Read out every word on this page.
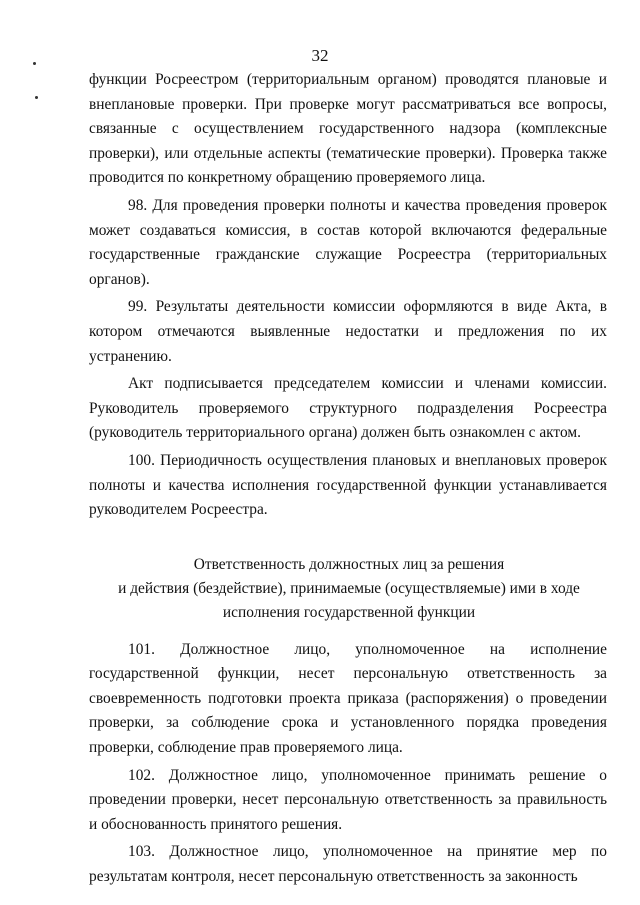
32

функции Росреестром (территориальным органом) проводятся плановые и внеплановые проверки. При проверке могут рассматриваться все вопросы, связанные с осуществлением государственного надзора (комплексные проверки), или отдельные аспекты (тематические проверки). Проверка также проводится по конкретному обращению проверяемого лица.

98. Для проведения проверки полноты и качества проведения проверок может создаваться комиссия, в состав которой включаются федеральные государственные гражданские служащие Росреестра (территориальных органов).

99. Результаты деятельности комиссии оформляются в виде Акта, в котором отмечаются выявленные недостатки и предложения по их устранению.

Акт подписывается председателем комиссии и членами комиссии. Руководитель проверяемого структурного подразделения Росреестра (руководитель территориального органа) должен быть ознакомлен с актом.

100. Периодичность осуществления плановых и внеплановых проверок полноты и качества исполнения государственной функции устанавливается руководителем Росреестра.

Ответственность должностных лиц за решения
и действия (бездействие), принимаемые (осуществляемые) ими в ходе
исполнения государственной функции

101. Должностное лицо, уполномоченное на исполнение государственной функции, несет персональную ответственность за своевременность подготовки проекта приказа (распоряжения) о проведении проверки, за соблюдение срока и установленного порядка проведения проверки, соблюдение прав проверяемого лица.

102. Должностное лицо, уполномоченное принимать решение о проведении проверки, несет персональную ответственность за правильность и обоснованность принятого решения.

103. Должностное лицо, уполномоченное на принятие мер по результатам контроля, несет персональную ответственность за законность
